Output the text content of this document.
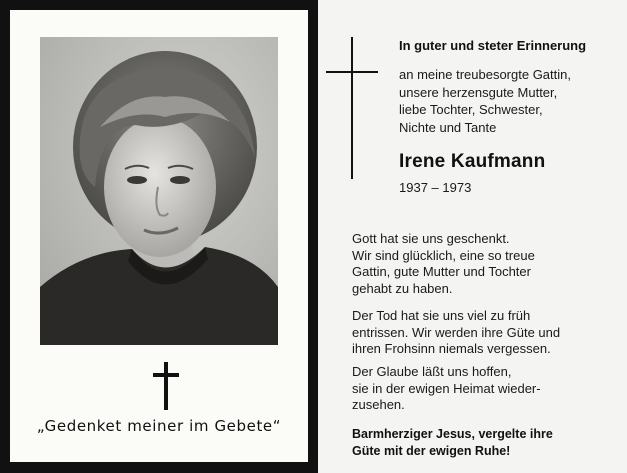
„Gedenket meiner im Gebete“
In guter und steter Erinnerung
an meine treubesorgte Gattin,
unsere herzensgute Mutter,
liebe Tochter, Schwester,
Nichte und Tante
Irene Kaufmann
1937 – 1973
Gott hat sie uns geschenkt.
Wir sind glücklich, eine so treue
Gattin, gute Mutter und Tochter
gehabt zu haben.
Der Tod hat sie uns viel zu früh
entrissen. Wir werden ihre Güte und
ihren Frohsinn niemals vergessen.
Der Glaube läßt uns hoffen,
sie in der ewigen Heimat wieder-
zusehen.
Barmherziger Jesus, vergelte ihre
Güte mit der ewigen Ruhe!
